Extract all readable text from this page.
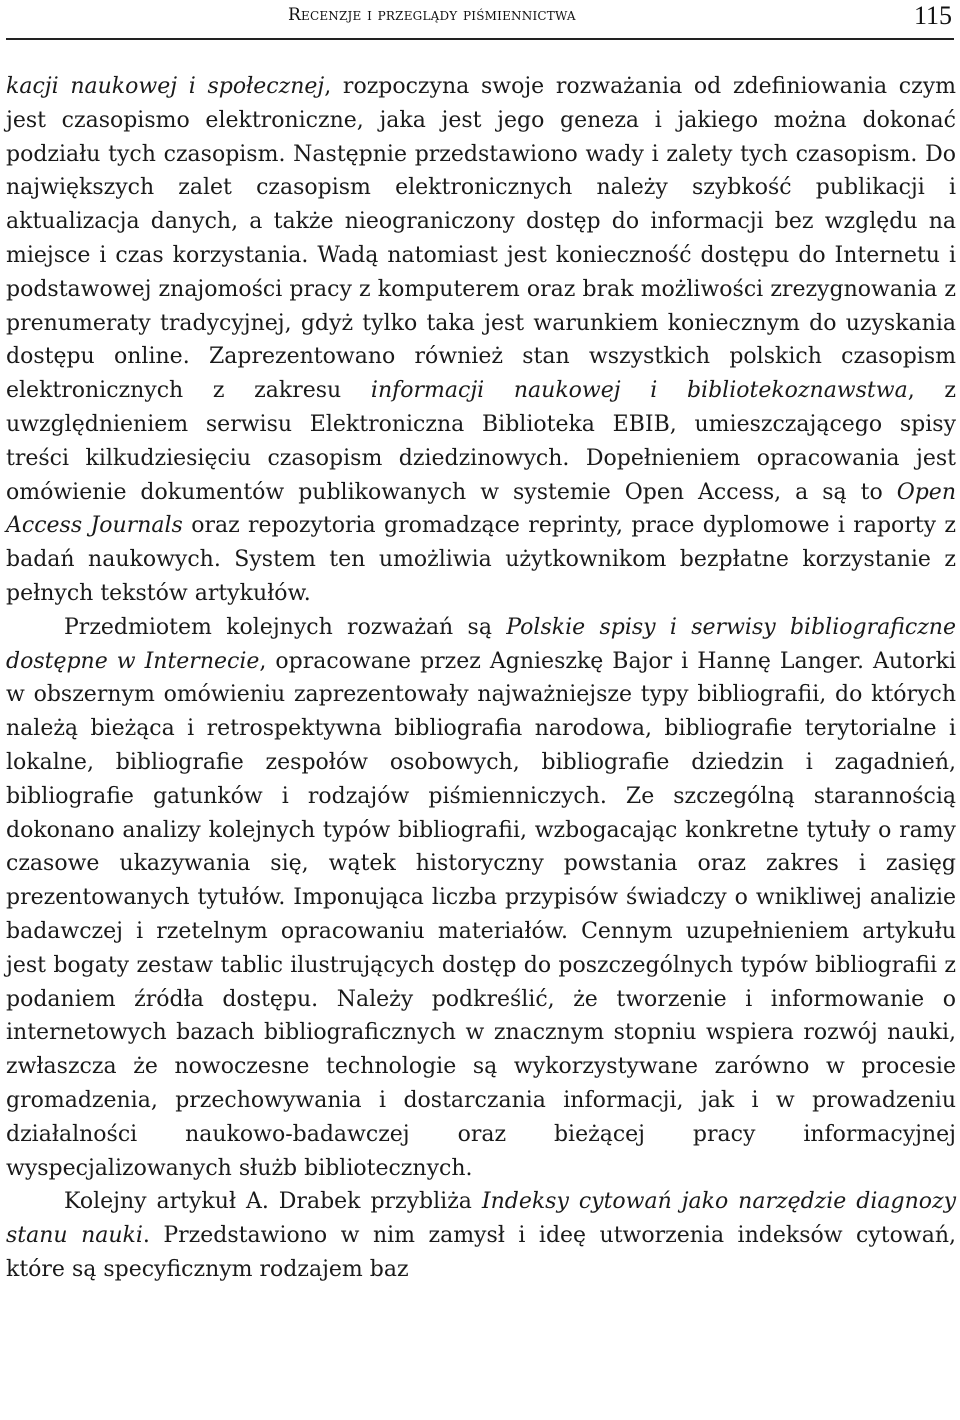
Recenzje i przeglądy piśmiennictwa	115

kacji naukowej i społecznej, rozpoczyna swoje rozważania od zdefiniowania czym jest czasopismo elektroniczne, jaka jest jego geneza i jakiego można dokonać podziału tych czasopism. Następnie przedstawiono wady i zalety tych czasopism. Do największych zalet czasopism elektronicznych należy szybkość publikacji i aktualizacja danych, a także nieograniczony dostęp do informacji bez względu na miejsce i czas korzystania. Wadą natomiast jest konieczność dostępu do Internetu i podstawowej znajomości pracy z komputerem oraz brak możliwości zrezygnowania z prenumeraty tradycyjnej, gdyż tylko taka jest warunkiem koniecznym do uzyskania dostępu online. Zaprezentowano również stan wszystkich polskich czasopism elektronicznych z zakresu informacji naukowej i bibliotekoznawstwa, z uwzględnieniem serwisu Elektroniczna Biblioteka EBIB, umieszczającego spisy treści kilkudziesięciu czasopism dziedzinowych. Dopełnieniem opracowania jest omówienie dokumentów publikowanych w systemie Open Access, a są to Open Access Journals oraz repozytoria gromadzące reprinty, prace dyplomowe i raporty z badań naukowych. System ten umożliwia użytkownikom bezpłatne korzystanie z pełnych tekstów artykułów.

Przedmiotem kolejnych rozważań są Polskie spisy i serwisy bibliograficzne dostępne w Internecie, opracowane przez Agnieszkę Bajor i Hannę Langer. Autorki w obszernym omówieniu zaprezentowały najważniejsze typy bibliografii, do których należą bieżąca i retrospektywna bibliografia narodowa, bibliografie terytorialne i lokalne, bibliografie zespołów osobowych, bibliografie dziedzin i zagadnień, bibliografie gatunków i rodzajów piśmienniczych. Ze szczególną starannością dokonano analizy kolejnych typów bibliografii, wzbogacając konkretne tytuły o ramy czasowe ukazywania się, wątek historyczny powstania oraz zakres i zasięg prezentowanych tytułów. Imponująca liczba przypisów świadczy o wnikliwej analizie badawczej i rzetelnym opracowaniu materiałów. Cennym uzupełnieniem artykułu jest bogaty zestaw tablic ilustrujących dostęp do poszczególnych typów bibliografii z podaniem źródła dostępu. Należy podkreślić, że tworzenie i informowanie o internetowych bazach bibliograficznych w znacznym stopniu wspiera rozwój nauki, zwłaszcza że nowoczesne technologie są wykorzystywane zarówno w procesie gromadzenia, przechowywania i dostarczania informacji, jak i w prowadzeniu działalności naukowo-badawczej oraz bieżącej pracy informacyjnej wyspecjalizowanych służb bibliotecznych.

Kolejny artykuł A. Drabek przybliża Indeksy cytowań jako narzędzie diagnozy stanu nauki. Przedstawiono w nim zamysł i ideę utworzenia indeksów cytowań, które są specyficznym rodzajem baz
